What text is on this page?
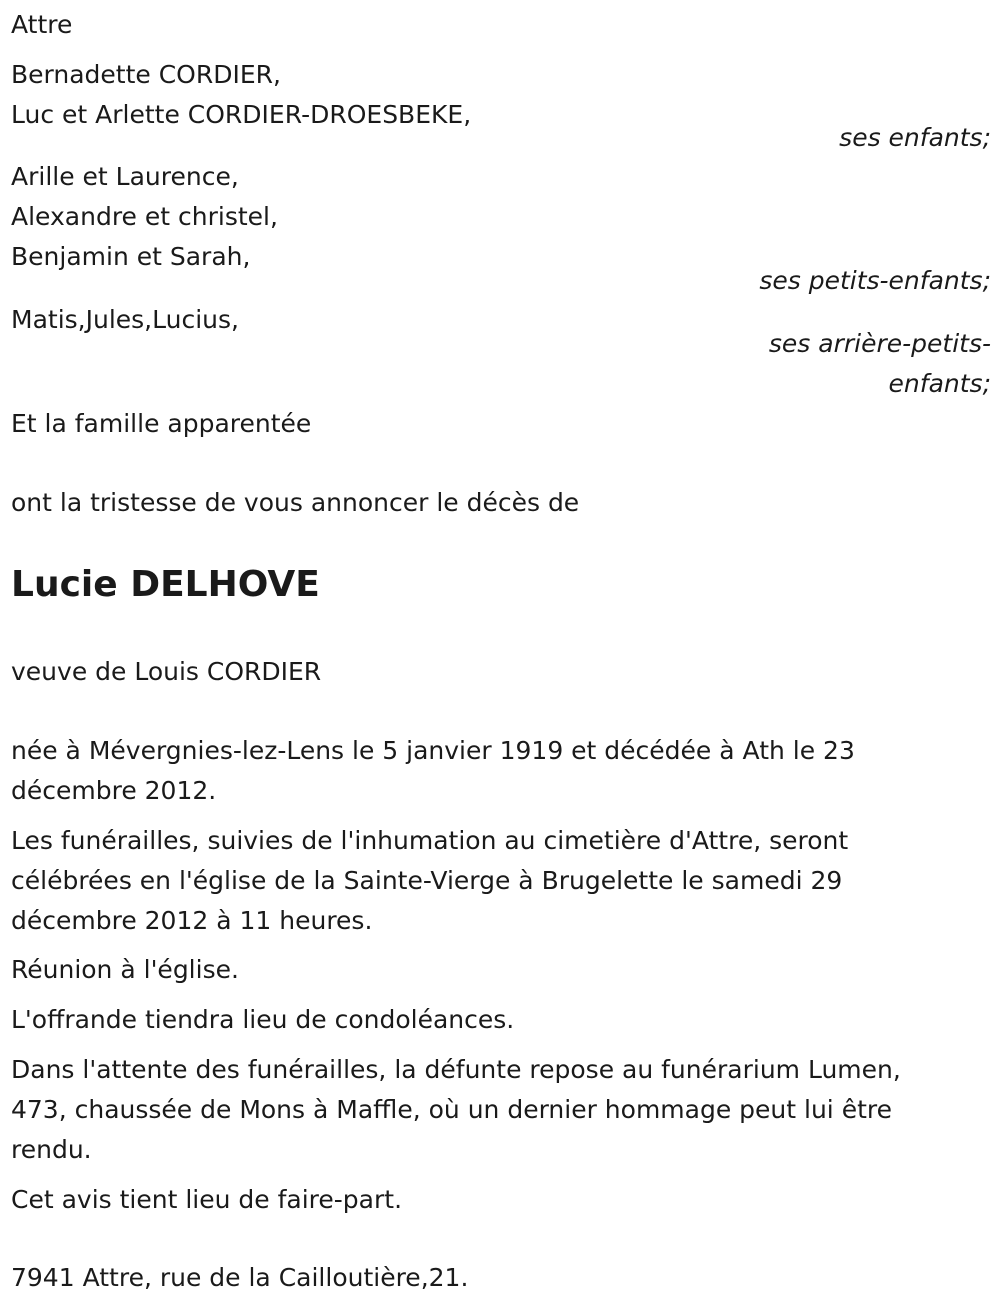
Attre

Bernadette CORDIER,

Luc et Arlette CORDIER-DROESBEKE,

ses enfants;

Arille et Laurence,

Alexandre et christel,

Benjamin et Sarah,

ses petits-enfants;

Matis,Jules,Lucius,

ses arrière-petits-

enfants;

Et la famille apparentée

ont la tristesse de vous annoncer le décès de

Lucie DELHOVE

veuve de Louis CORDIER

née à Mévergnies-lez-Lens le 5 janvier 1919 et décédée à Ath le 23

décembre 2012.

Les funérailles, suivies de l'inhumation au cimetière d'Attre, seront

célébrées en l'église de la Sainte-Vierge à Brugelette le samedi 29

décembre 2012 à 11 heures.

Réunion à l'église.

L'offrande tiendra lieu de condoléances.

Dans l'attente des funérailles, la défunte repose au funérarium Lumen,

473, chaussée de Mons à Maffle, où un dernier hommage peut lui être

rendu.

Cet avis tient lieu de faire-part.

7941 Attre, rue de la Cailloutière,21.
